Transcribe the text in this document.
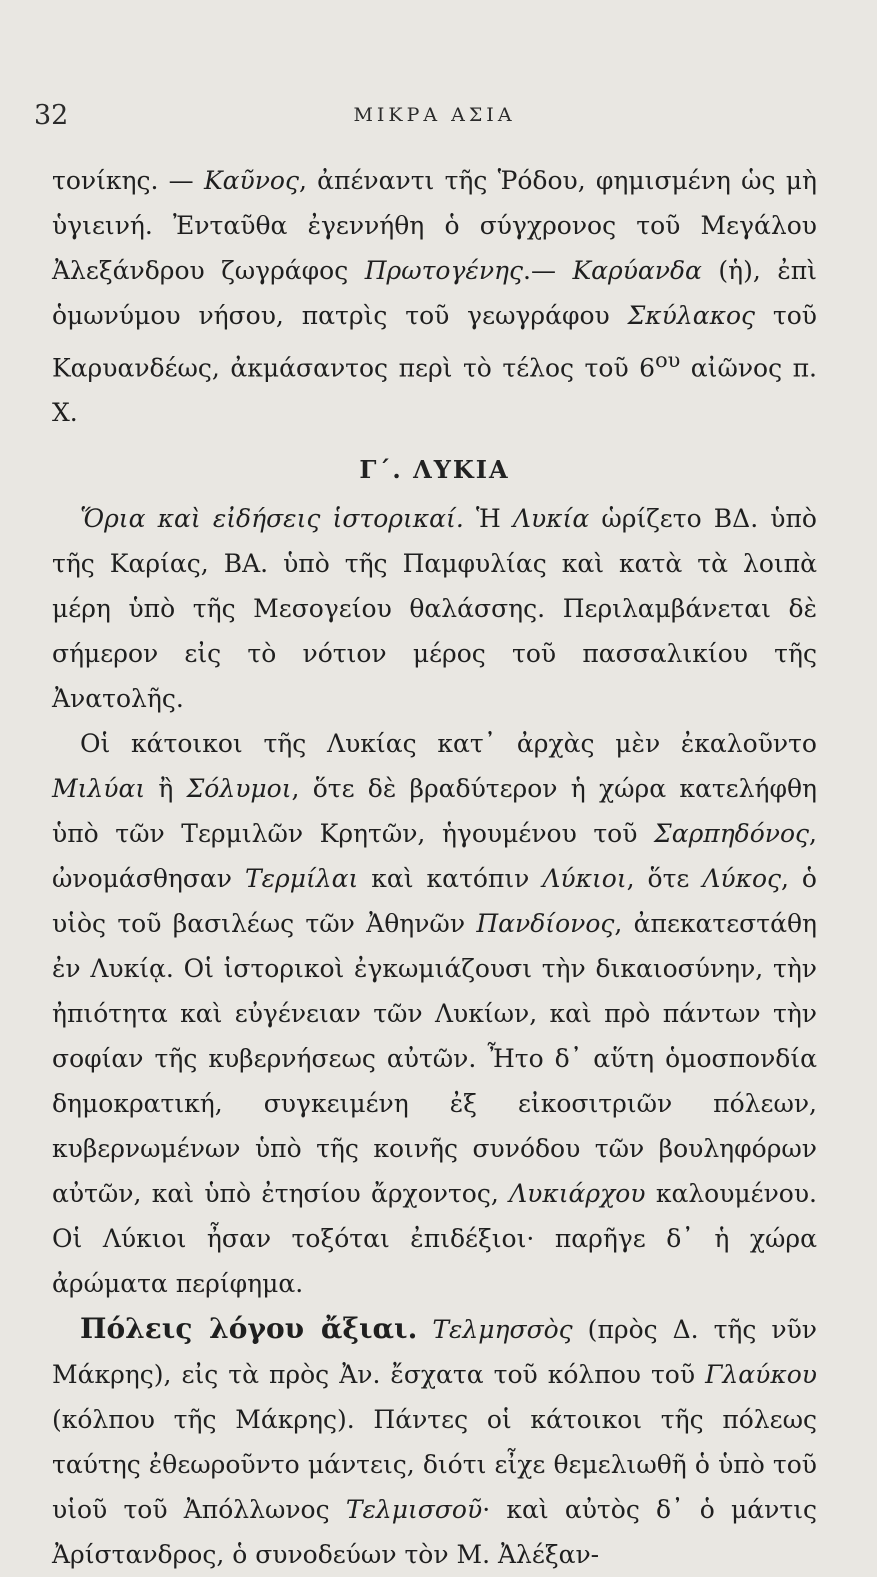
32	ΜΙΚΡΑ ΑΣΙΑ

τονίκης. — Καῦνος, ἀπέναντι τῆς Ῥόδου, φημισμένη ὡς μὴ ὑγιεινή. Ἐνταῦθα ἐγεννήθη ὁ σύγχρονος τοῦ Μεγάλου Ἀλεξάνδρου ζωγράφος Πρωτογένης.— Καρύανδα (ἡ), ἐπὶ ὁμωνύμου νήσου, πατρὶς τοῦ γεωγράφου Σκύλακος τοῦ Καρυανδέως, ἀκμάσαντος περὶ τὸ τέλος τοῦ $6^{o\upsilon}$ αἰῶνος π. Χ.

Γ΄. ΛΥΚΙΑ

Ὅρια καὶ εἰδήσεις ἱστορικαί. Ἡ Λυκία ὡρίζετο ΒΔ. ὑπὸ τῆς Καρίας, ΒΑ. ὑπὸ τῆς Παμφυλίας καὶ κατὰ τὰ λοιπὰ μέρη ὑπὸ τῆς Μεσογείου θαλάσσης. Περιλαμβάνεται δὲ σήμερον εἰς τὸ νότιον μέρος τοῦ πασσαλικίου τῆς Ἀνατολῆς.

Οἱ κάτοικοι τῆς Λυκίας κατ᾽ ἀρχὰς μὲν ἐκαλοῦντο Μιλύαι ἢ Σόλυμοι, ὅτε δὲ βραδύτερον ἡ χώρα κατελήφθη ὑπὸ τῶν Τερμιλῶν Κρητῶν, ἡγουμένου τοῦ Σαρπηδόνος, ὠνομάσθησαν Τερμίλαι καὶ κατόπιν Λύκιοι, ὅτε Λύκος, ὁ υἱὸς τοῦ βασιλέως τῶν Ἀθηνῶν Πανδίονος, ἀπεκατεστάθη ἐν Λυκίᾳ. Οἱ ἱστορικοὶ ἐγκωμιάζουσι τὴν δικαιοσύνην, τὴν ἠπιότητα καὶ εὐγένειαν τῶν Λυκίων, καὶ πρὸ πάντων τὴν σοφίαν τῆς κυβερνήσεως αὐτῶν. Ἦτο δ᾽ αὕτη ὁμοσπονδία δημοκρατική, συγκειμένη ἐξ εἰκοσιτριῶν πόλεων, κυβερνωμένων ὑπὸ τῆς κοινῆς συνόδου τῶν βουληφόρων αὐτῶν, καὶ ὑπὸ ἐτησίου ἄρχοντος, Λυκιάρχου καλουμένου. Οἱ Λύκιοι ἦσαν τοξόται ἐπιδέξιοι· παρῆγε δ᾽ ἡ χώρα ἀρώματα περίφημα.

Πόλεις λόγου ἄξιαι. Τελμησσὸς (πρὸς Δ. τῆς νῦν Μάκρης), εἰς τὰ πρὸς Ἀν. ἔσχατα τοῦ κόλπου τοῦ Γλαύκου (κόλπου τῆς Μάκρης). Πάντες οἱ κάτοικοι τῆς πόλεως ταύτης ἐθεωροῦντο μάντεις, διότι εἶχε θεμελιωθῆ ὁ ὑπὸ τοῦ υἱοῦ τοῦ Ἀπόλλωνος Τελμισσοῦ· καὶ αὐτὸς δ᾽ ὁ μάντις Ἀρίστανδρος, ὁ συνοδεύων τὸν Μ. Ἀλέξαν-
